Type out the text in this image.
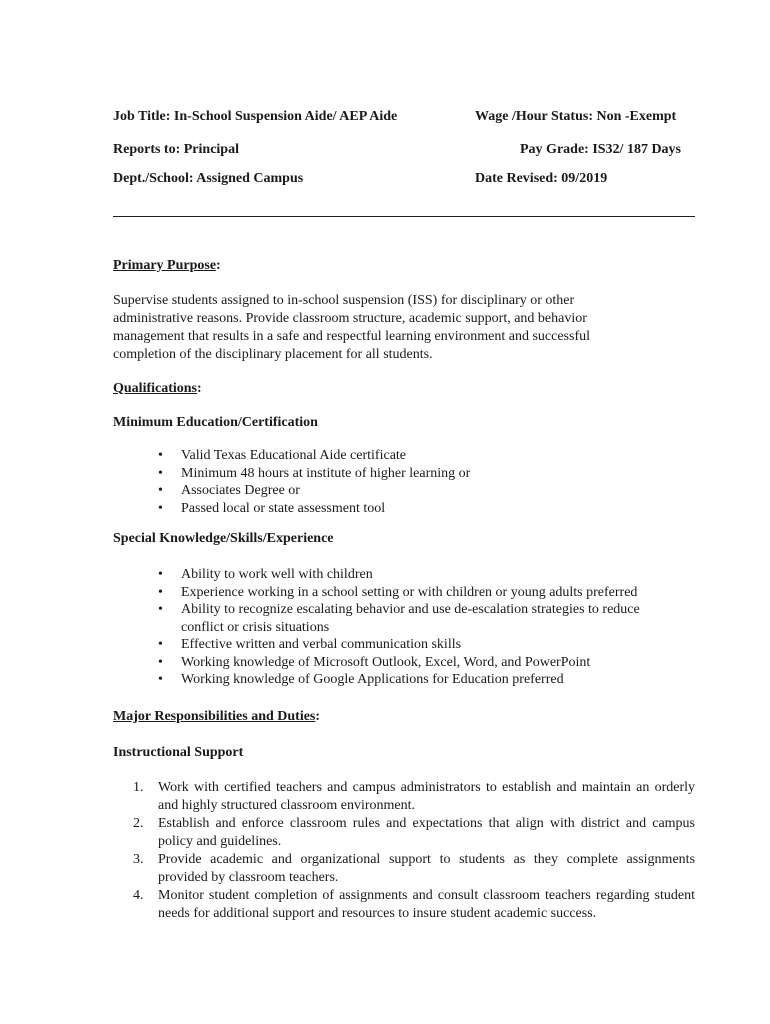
Job Title: In-School Suspension Aide/ AEP Aide	Wage /Hour Status: Non -Exempt
Reports to: Principal	Pay Grade: IS32/ 187 Days
Dept./School: Assigned Campus	Date Revised: 09/2019
Primary Purpose:

Supervise students assigned to in-school suspension (ISS) for disciplinary or other administrative reasons. Provide classroom structure, academic support, and behavior management that results in a safe and respectful learning environment and successful completion of the disciplinary placement for all students.

Qualifications:
Minimum Education/Certification
• Valid Texas Educational Aide certificate
• Minimum 48 hours at institute of higher learning or
• Associates Degree or
• Passed local or state assessment tool
Special Knowledge/Skills/Experience
• Ability to work well with children
• Experience working in a school setting or with children or young adults preferred
• Ability to recognize escalating behavior and use de-escalation strategies to reduce conflict or crisis situations
• Effective written and verbal communication skills
• Working knowledge of Microsoft Outlook, Excel, Word, and PowerPoint
• Working knowledge of Google Applications for Education preferred
Major Responsibilities and Duties:
Instructional Support
1. Work with certified teachers and campus administrators to establish and maintain an orderly and highly structured classroom environment.
2. Establish and enforce classroom rules and expectations that align with district and campus policy and guidelines.
3. Provide academic and organizational support to students as they complete assignments provided by classroom teachers.
4. Monitor student completion of assignments and consult classroom teachers regarding student needs for additional support and resources to insure student academic success.
